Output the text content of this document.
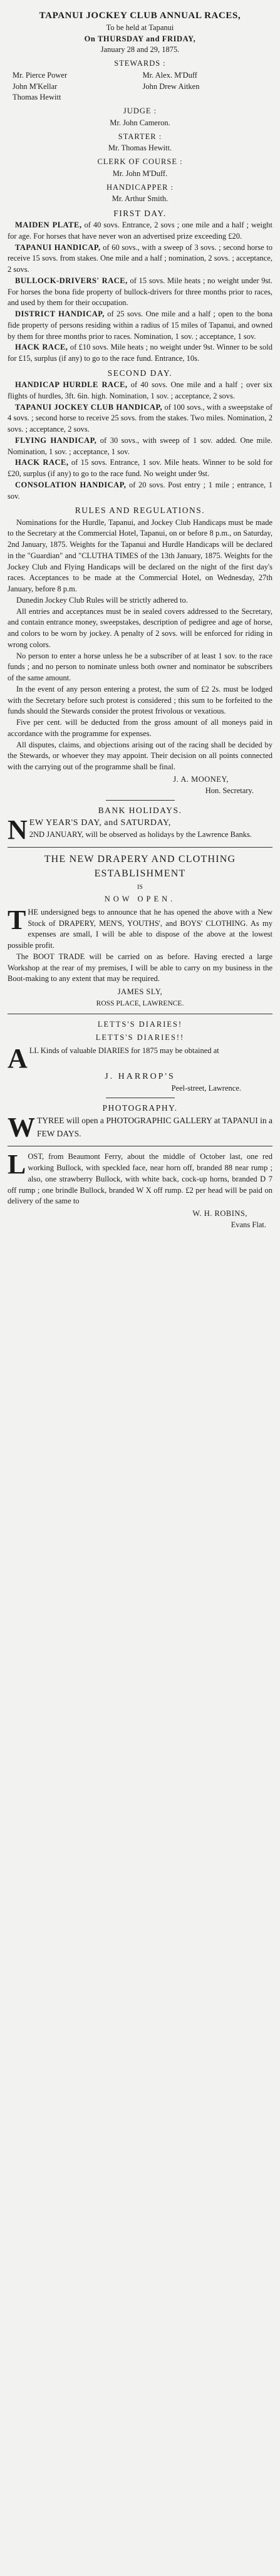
TAPANUI JOCKEY CLUB ANNUAL RACES,

To be held at Tapanui

On THURSDAY and FRIDAY,

January 28 and 29, 1875.

STEWARDS :

Mr. Pierce Power	Mr. Alex. M'Duff
John M'Kellar	John Drew Aitken
Thomas Hewitt

JUDGE :

Mr. John Cameron.

STARTER :

Mr. Thomas Hewitt.

CLERK OF COURSE :

Mr. John M'Duff.

HANDICAPPER :

Mr. Arthur Smith.

FIRST DAY.

MAIDEN PLATE, of 40 sovs. Entrance, 2 sovs ; one mile and a half ; weight for age. For horses that have never won an advertised prize exceeding £20.

TAPANUI HANDICAP, of 60 sovs., with a sweep of 3 sovs. ; second horse to receive 15 sovs. from stakes. One mile and a half ; nomination, 2 sovs. ; acceptance, 2 sovs.

BULLOCK-DRIVERS' RACE, of 15 sovs. Mile heats ; no weight under 9st. For horses the bona fide property of bullock-drivers for three months prior to races, and used by them for their occupation.

DISTRICT HANDICAP, of 25 sovs. One mile and a half ; open to the bona fide property of persons residing within a radius of 15 miles of Tapanui, and owned by them for three months prior to races. Nomination, 1 sov. ; acceptance, 1 sov.

HACK RACE, of £10 sovs. Mile heats ; no weight under 9st. Winner to be sold for £15, surplus (if any) to go to the race fund. Entrance, 10s.

SECOND DAY.

HANDICAP HURDLE RACE, of 40 sovs. One mile and a half ; over six flights of hurdles, 3ft. 6in. high. Nomination, 1 sov. ; acceptance, 2 sovs.

TAPANUI JOCKEY CLUB HANDICAP, of 100 sovs., with a sweepstake of 4 sovs. ; second horse to receive 25 sovs. from the stakes. Two miles. Nomination, 2 sovs. ; acceptance, 2 sovs.

FLYING HANDICAP, of 30 sovs., with sweep of 1 sov. added. One mile. Nomination, 1 sov. ; acceptance, 1 sov.

HACK RACE, of 15 sovs. Entrance, 1 sov. Mile heats. Winner to be sold for £20, surplus (if any) to go to the race fund. No weight under 9st.

CONSOLATION HANDICAP, of 20 sovs. Post entry ; 1 mile ; entrance, 1 sov.

RULES AND REGULATIONS.

Nominations for the Hurdle, Tapanui, and Jockey Club Handicaps must be made to the Secretary at the Commercial Hotel, Tapanui, on or before 8 p.m., on Saturday, 2nd January, 1875. Weights for the Tapanui and Hurdle Handicaps will be declared in the "Guardian" and "CLUTHA TIMES of the 13th January, 1875. Weights for the Jockey Club and Flying Handicaps will be declared on the night of the first day's races. Acceptances to be made at the Commercial Hotel, on Wednesday, 27th January, before 8 p.m.

Dunedin Jockey Club Rules will be strictly adhered to.

All entries and acceptances must be in sealed covers addressed to the Secretary, and contain entrance money, sweepstakes, description of pedigree and age of horse, and colors to be worn by jockey. A penalty of 2 sovs. will be enforced for riding in wrong colors.

No person to enter a horse unless he be a subscriber of at least 1 sov. to the race funds ; and no person to nominate unless both owner and nominator be subscribers of the same amount.

In the event of any person entering a protest, the sum of £2 2s. must be lodged with the Secretary before such protest is considered ; this sum to be forfeited to the funds should the Stewards consider the protest frivolous or vexatious.

Five per cent. will be deducted from the gross amount of all moneys paid in accordance with the programme for expenses.

All disputes, claims, and objections arising out of the racing shall be decided by the Stewards, or whoever they may appoint. Their decision on all points connected with the carrying out of the programme shall be final.

J. A. MOONEY,

Hon. Secretary.

BANK HOLIDAYS.

N EW YEAR'S DAY, and SATURDAY,

2ND JANUARY, will be observed as holidays by the Lawrence Banks.

THE NEW DRAPERY AND CLOTHING ESTABLISHMENT

IS

NOW OPEN.

T HE undersigned begs to announce that he has opened the above with a New Stock of DRAPERY, MEN'S, YOUTHS', and BOYS' CLOTHING. As my expenses are small, I will be able to dispose of the above at the lowest possible profit.

The BOOT TRADE will be carried on as before. Having erected a large Workshop at the rear of my premises, I will be able to carry on my business in the Boot-making to any extent that may be required.

JAMES SLY,

ROSS PLACE, LAWRENCE.

LETTS'S DIARIES!

LETTS'S DIARIES!!

A LL Kinds of valuable DIARIES for 1875 may be obtained at

J. HARROP'S

Peel-street, Lawrence.

PHOTOGRAPHY.

W TYREE will open a PHOTOGRAPHIC GALLERY at TAPANUI in a FEW DAYS.

L OST, from Beaumont Ferry, about the middle of October last, one red working Bullock, with speckled face, near horn off, branded 88 near rump ; also, one strawberry Bullock, with white back, cock-up horns, branded D 7 off rump ; one brindle Bullock, branded W X off rump. £2 per head will be paid on delivery of the same to

W. H. ROBINS,

Evans Flat.
